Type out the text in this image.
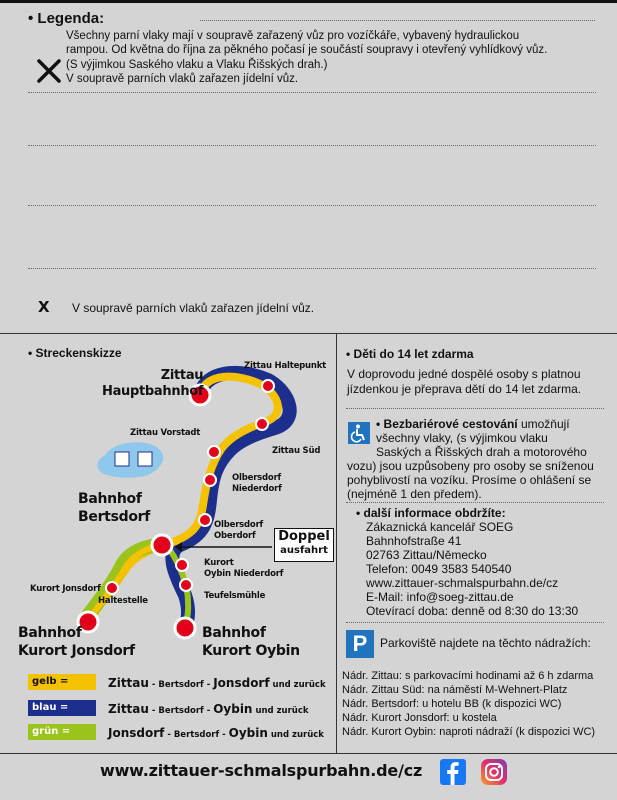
• Legenda:
Všechny parní vlaky mají v soupravě zařazený vůz pro vozíčkáře, vybavený hydraulickou
rampou. Od května do října za pěkného počasí je součástí soupravy i otevřený vyhlídkový vůz.
(S výjimkou Saského vlaku a Vlaku Řišských drah.)
V soupravě parních vlaků zařazen jídelní vůz.
X V soupravě parních vlaků zařazen jídelní vůz.
• Streckenskizze
Zittau
Hauptbahnhof
Zittau Haltepunkt
Zittau Vorstadt
Zittau Süd
Olbersdorf
Niederdorf
Bahnhof
Bertsdorf	Olbersdorf
Oberdorf
Kurort
Oybin Niederdorf
Kurort Jonsdorf
Haltestelle	Teufelsmühle
Bahnhof
Kurort Jonsdorf
Bahnhof
Kurort Oybin
Doppel
ausfahrt
gelb =	Zittau - Bertsdorf - Jonsdorf und zurück
blau =	Zittau - Bertsdorf - Oybin und zurück
grün =	Jonsdorf - Bertsdorf - Oybin und zurück
• Děti do 14 let zdarma
V doprovodu jedné dospělé osoby s platnou jízdenkou je přeprava dětí do 14 let zdarma.
• Bezbariérové cestování umožňují
všechny vlaky, (s výjimkou vlaku
Saských a Řišských drah a motorového
vozu) jsou uzpůsobeny pro osoby se sníženou
pohyblivostí na vozíku. Prosíme o ohlášení se
(nejméně 1 den předem).
• další informace obdržíte:
Zákaznická kancelář SOEG
Bahnhofstraße 41
02763 Zittau/Německo
Telefon: 0049 3583 540540
www.zittauer-schmalspurbahn.de/cz
E-Mail: info@soeg-zittau.de
Otevírací doba: denně od 8:30 do 13:30
P	Parkoviště najdete na těchto nádražích:
Nádr. Zittau: s parkovacími hodinami až 6 h zdarma
Nádr. Zittau Süd: na náměstí M-Wehnert-Platz
Nádr. Bertsdorf: u hotelu BB (k dispozici WC)
Nádr. Kurort Jonsdorf: u kostela
Nádr. Kurort Oybin: naproti nádraží (k dispozici WC)
www.zittauer-schmalspurbahn.de/cz
